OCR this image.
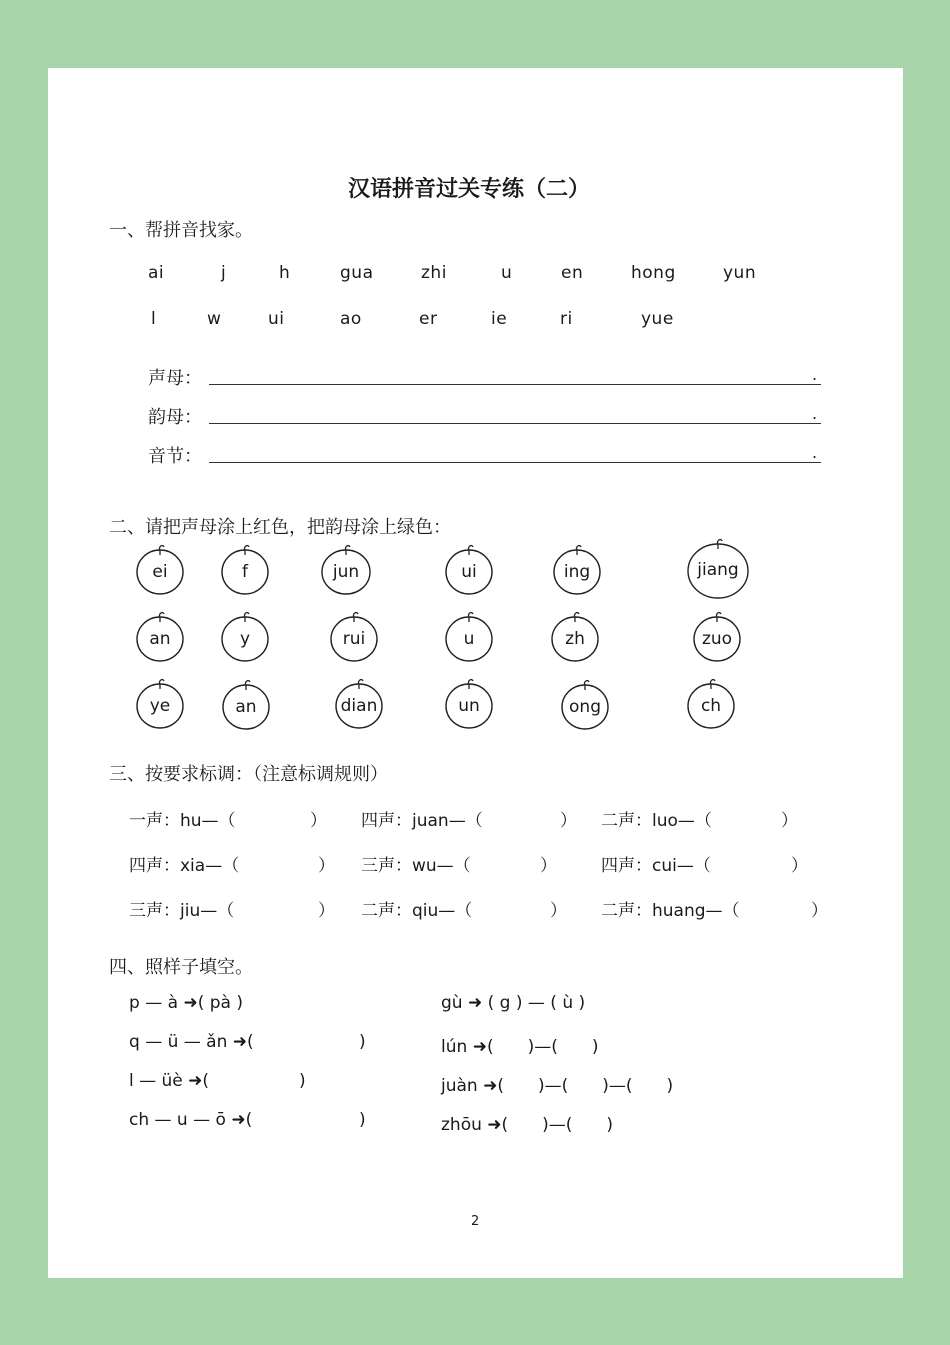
汉语拼音过关专练（二）
一、帮拼音找家。
ai	j	h	gua	zhi	u	en	hong	yun
l	w	ui	ao	er	ie	ri	yue
声母：	.
韵母：	.
音节：	.
二、请把声母涂上红色，把韵母涂上绿色：
ei	f	jun	ui	ing	jiang
an	y	rui	u	zh	zuo
ye	an	dian	un	ong	ch
三、按要求标调：（注意标调规则）
一声：hu—（	） 四声：juan—（	） 二声：luo—（	）
四声：xia—（	） 三声：wu—（	）	四声：cui—（	）
三声：jiu—（	） 二声：qiu—（	） 二声：huang—（	）
四、照样子填空。
p — à ➜( pà )
q — ü — ǎn ➜(	)
l — üè ➜(	)
ch — u — ō ➜(	)
gù ➜ ( g ) — ( ù )
lún ➜(　　)—(　　)
juàn ➜(　　)—(　　)—(　　)
zhōu ➜(　　)—(　　)
2
